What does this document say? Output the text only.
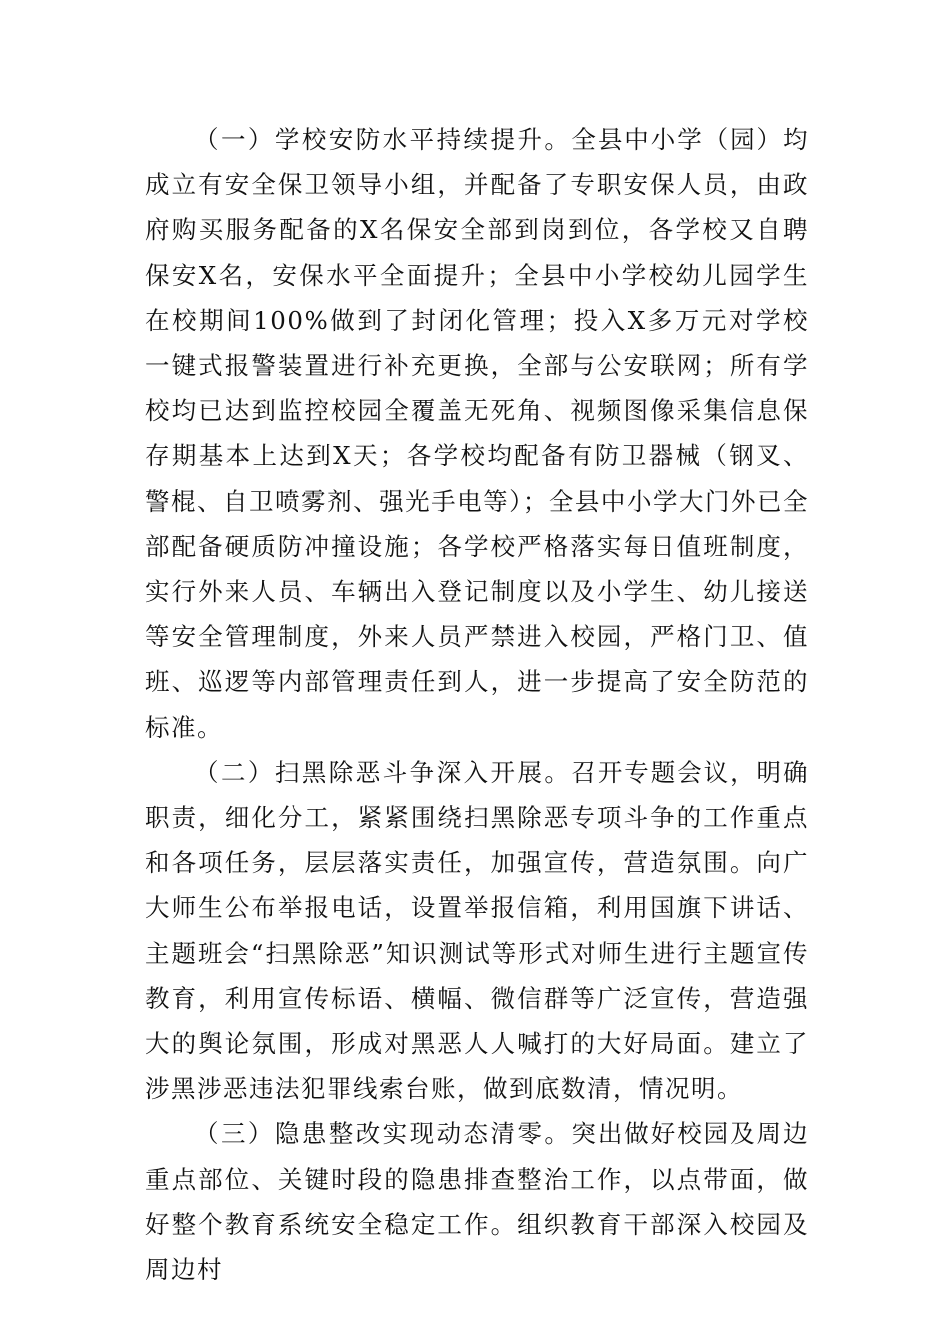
（一）学校安防水平持续提升。全县中小学（园）均成立有安全保卫领导小组，并配备了专职安保人员，由政府购买服务配备的X名保安全部到岗到位，各学校又自聘保安X名，安保水平全面提升；全县中小学校幼儿园学生在校期间100%做到了封闭化管理；投入X多万元对学校一键式报警装置进行补充更换，全部与公安联网；所有学校均已达到监控校园全覆盖无死角、视频图像采集信息保存期基本上达到X天；各学校均配备有防卫器械（钢叉、警棍、自卫喷雾剂、强光手电等）；全县中小学大门外已全部配备硬质防冲撞设施；各学校严格落实每日值班制度，实行外来人员、车辆出入登记制度以及小学生、幼儿接送等安全管理制度，外来人员严禁进入校园，严格门卫、值班、巡逻等内部管理责任到人，进一步提高了安全防范的标准。

（二）扫黑除恶斗争深入开展。召开专题会议，明确职责，细化分工，紧紧围绕扫黑除恶专项斗争的工作重点和各项任务，层层落实责任，加强宣传，营造氛围。向广大师生公布举报电话，设置举报信箱，利用国旗下讲话、主题班会“扫黑除恶”知识测试等形式对师生进行主题宣传教育，利用宣传标语、横幅、微信群等广泛宣传，营造强大的舆论氛围，形成对黑恶人人喊打的大好局面。建立了涉黑涉恶违法犯罪线索台账，做到底数清，情况明。

（三）隐患整改实现动态清零。突出做好校园及周边重点部位、关键时段的隐患排查整治工作，以点带面，做好整个教育系统安全稳定工作。组织教育干部深入校园及周边村
